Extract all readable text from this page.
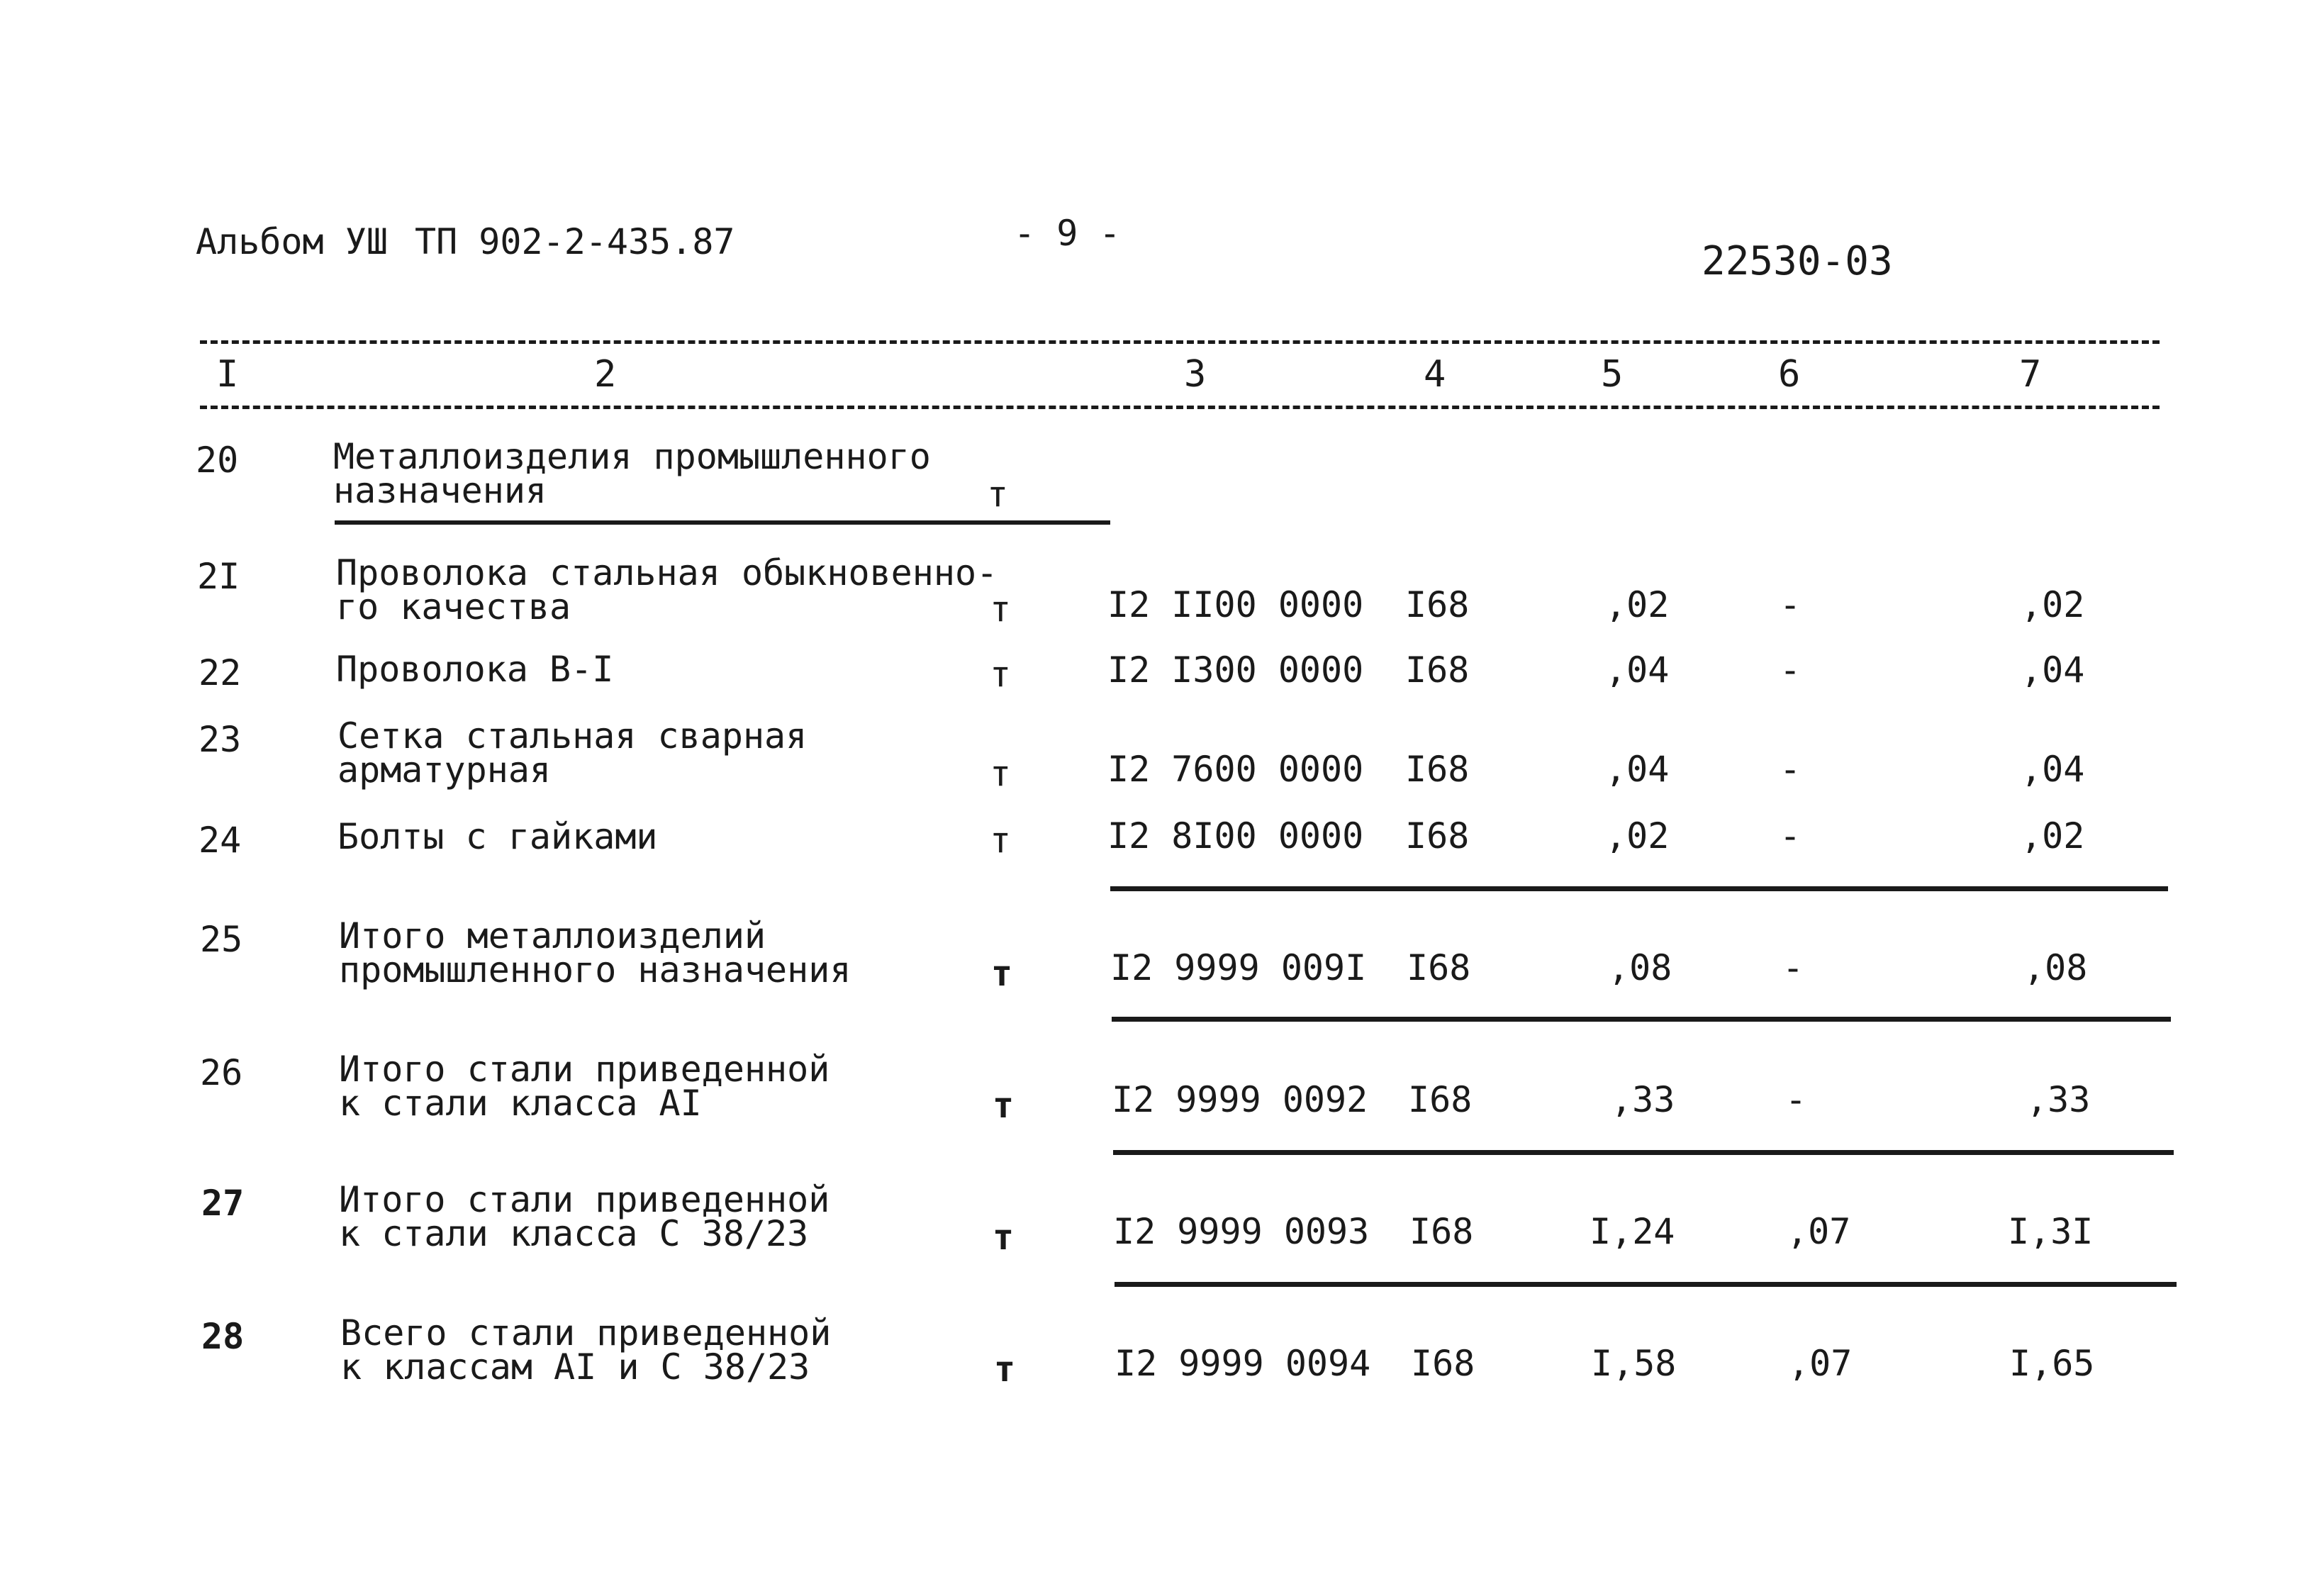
Альбом УШ ТП 902-2-435.87	- 9 -
22530-03
I	2	3	4	5	6	7
20	Металлоизделия промышленного
назначения	т
2I	Проволока стальная обыкновенно-
го качества	т	I2 II00 0000 I68	,02	-	,02
22	Проволока В-I	т	I2 I300 0000 I68	,04	-	,04
23	Сетка стальная сварная
арматурная	т	I2 7600 0000 I68	,04	-	,04
24	Болты с гайками	т	I2 8I00 0000 I68	,02	-	,02
25	Итого металлоизделий
промышленного назначения	т	I2 9999 009I I68	,08	-	,08
26	Итого стали приведенной
к стали класса АI	т	I2 9999 0092 I68	,33	-	,33
27	Итого стали приведенной
к стали класса С 38/23	т	I2 9999 0093 I68	I,24	,07	I,3I
28	Всего стали приведенной
к классам АI и С 38/23	т	I2 9999 0094 I68	I,58	,07	I,65
